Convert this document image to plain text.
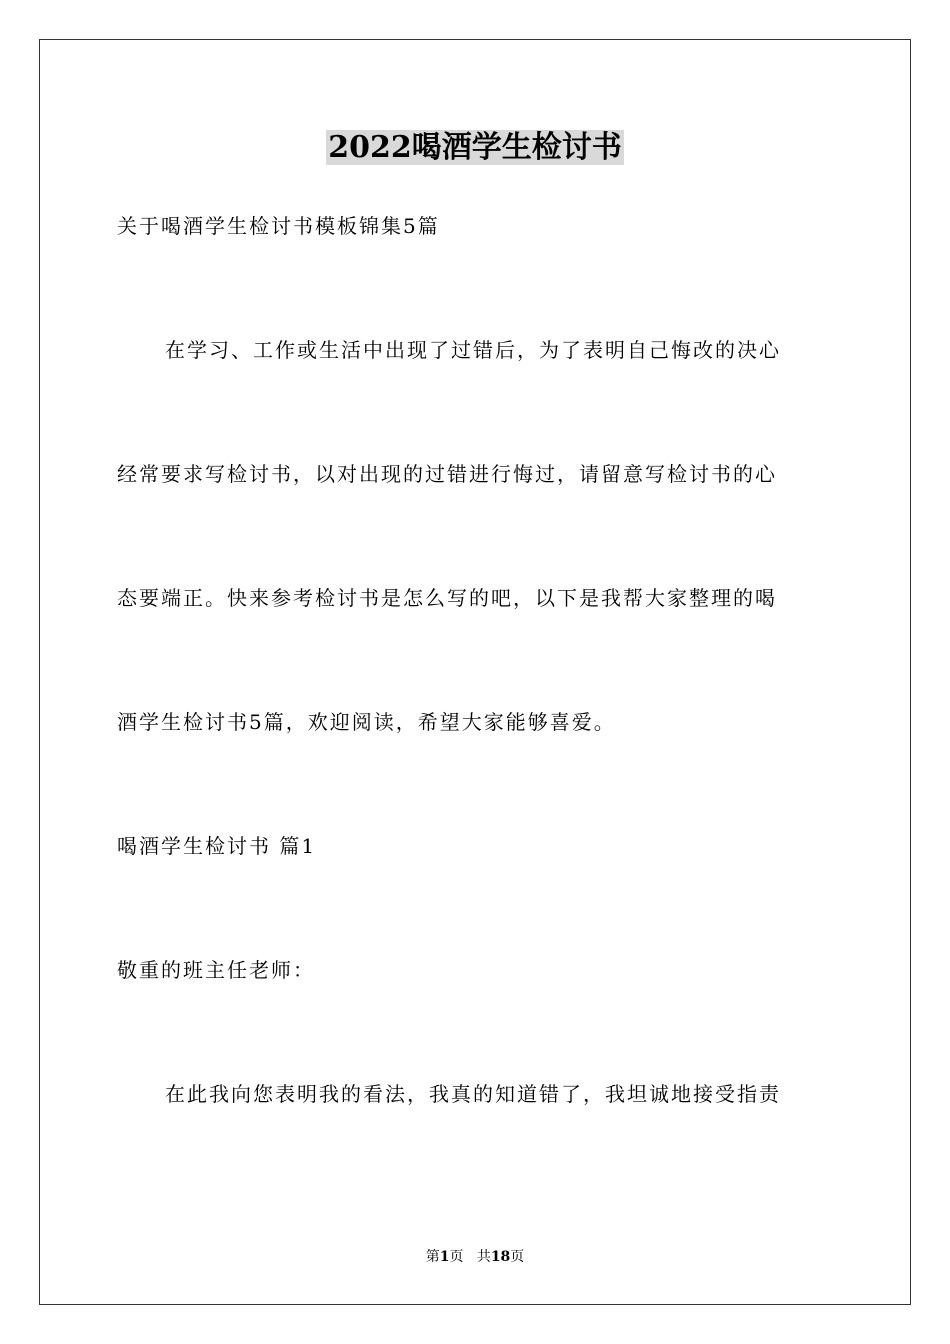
2022喝酒学生检讨书
关于喝酒学生检讨书模板锦集5篇
在学习、工作或生活中出现了过错后，为了表明自己悔改的决心
经常要求写检讨书，以对出现的过错进行悔过，请留意写检讨书的心
态要端正。快来参考检讨书是怎么写的吧，以下是我帮大家整理的喝
酒学生检讨书5篇，欢迎阅读，希望大家能够喜爱。
喝酒学生检讨书 篇1
敬重的班主任老师：
在此我向您表明我的看法，我真的知道错了，我坦诚地接受指责
第1页 共18页
